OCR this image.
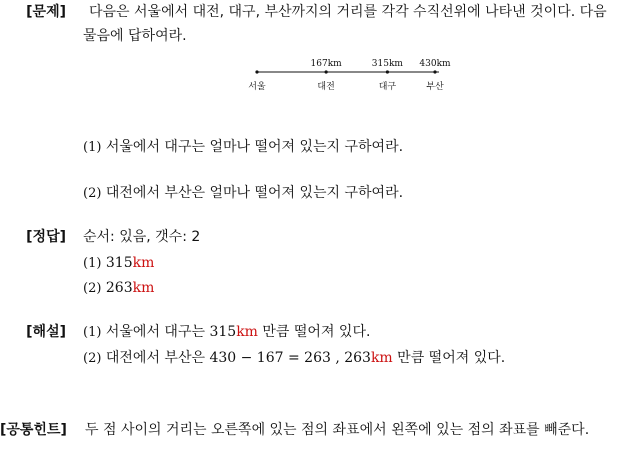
[문제]	다음은 서울에서 대전, 대구, 부산까지의 거리를 각각 수직선위에 나타낸 것이다. 다음 물음에 답하여라.
서울
167km
대전
315km
대구
430km
부산
(1) 서울에서 대구는 얼마나 떨어져 있는지 구하여라.
(2) 대전에서 부산은 얼마나 떨어져 있는지 구하여라.
[정답] 순서: 있음, 갯수: 2
(1) 315km
(2) 263km
[해설] (1) 서울에서 대구는 315km 만큼 떨어져 있다.
(2) 대전에서 부산은 430 − 167 = 263 , 263km 만큼 떨어져 있다.
[공통힌트] 두 점 사이의 거리는 오른쪽에 있는 점의 좌표에서 왼쪽에 있는 점의 좌표를 빼준다.
